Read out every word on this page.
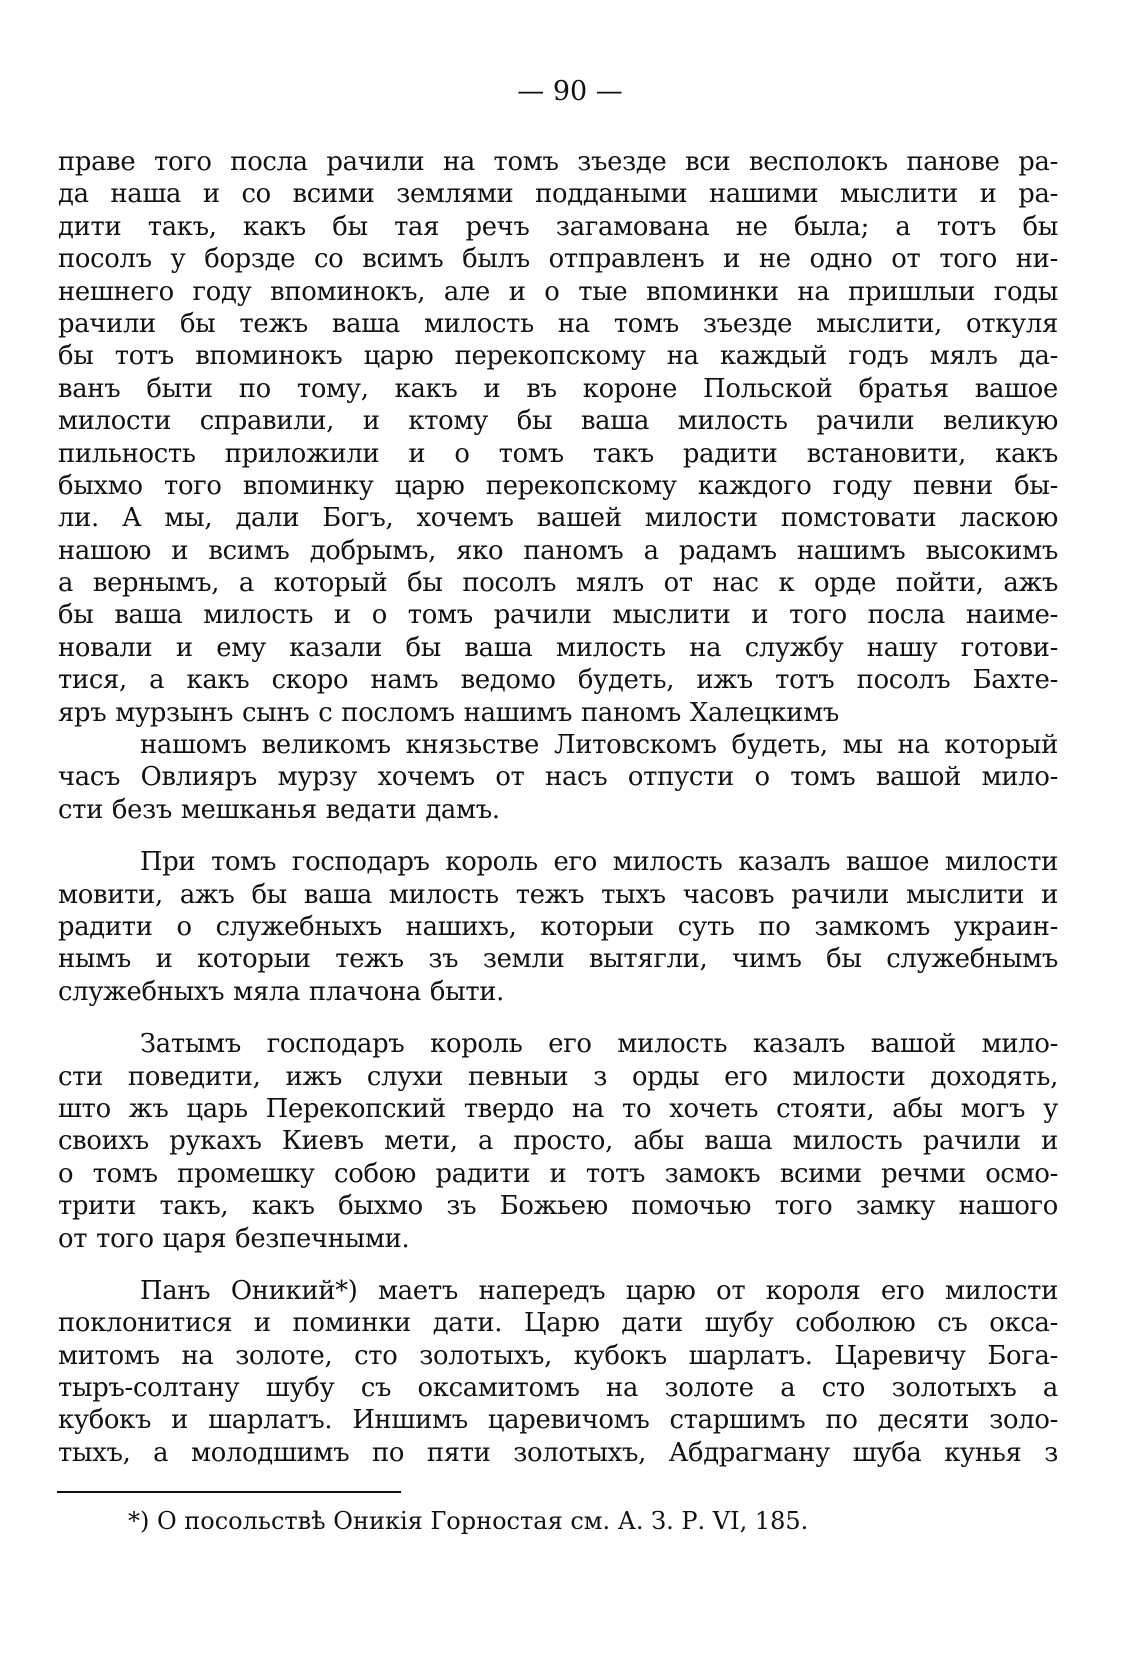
— 90 —
праве того посла рачили на томъ зъезде вси весполокъ панове ра-
да наша и со всими землями поддаными нашими мыслити и ра-
дити такъ, какъ бы тая речъ загамована не была; а тотъ бы
посолъ у борзде со всимъ былъ отправленъ и не одно от того ни-
нешнего году впоминокъ, але и о тые впоминки на пришлыи годы
рачили бы тежъ ваша милость на томъ зъезде мыслити, откуля
бы тотъ впоминокъ царю перекопскому на каждый годъ мялъ да-
ванъ быти по тому, какъ и въ короне Польской братья вашое
милости справили, и ктому бы ваша милость рачили великую
пильность приложили и о томъ такъ радити встановити, какъ
быхмо того впоминку царю перекопскому каждого году певни бы-
ли. А мы, дали Богъ, хочемъ вашей милости помстовати ласкою
нашою и всимъ добрымъ, яко паномъ а радамъ нашимъ высокимъ
а вернымъ, а который бы посолъ мялъ от нас к орде пойти, ажъ
бы ваша милость и о томъ рачили мыслити и того посла наиме-
новали и ему казали бы ваша милость на службу нашу готови-
тися, а какъ скоро намъ ведомо будеть, ижъ тотъ посолъ Бахте-
яръ мурзынъ сынъ с посломъ нашимъ паномъ Халецкимъ
нашомъ великомъ князьстве Литовскомъ будеть, мы на который
часъ Овлияръ мурзу хочемъ от насъ отпусти о томъ вашой мило-
сти безъ мешканья ведати дамъ.
При томъ господаръ король его милость казалъ вашое милости
мовити, ажъ бы ваша милость тежъ тыхъ часовъ рачили мыслити и
радити о служебныхъ нашихъ, которыи суть по замкомъ украин-
нымъ и которыи тежъ зъ земли вытягли, чимъ бы служебнымъ
служебныхъ мяла плачона быти.
Затымъ господаръ король его милость казалъ вашой мило-
сти поведити, ижъ слухи певныи з орды его милости доходять,
што жъ царь Перекопский твердо на то хочеть стояти, абы могъ у
своихъ рукахъ Киевъ мети, а просто, абы ваша милость рачили и
о томъ промешку собою радити и тотъ замокъ всими речми осмо-
трити такъ, какъ быхмо зъ Божьею помочью того замку нашого
от того царя безпечными.
Панъ Оникий*) маетъ напередъ царю от короля его милости
поклонитися и поминки дати. Царю дати шубу соболюю съ окса-
митомъ на золоте, сто золотыхъ, кубокъ шарлатъ. Царевичу Бога-
тыръ-солтану шубу съ оксамитомъ на золоте а сто золотыхъ а
кубокъ и шарлатъ. Иншимъ царевичомъ старшимъ по десяти золо-
тыхъ, а молодшимъ по пяти золотыхъ, Абдрагману шуба кунья з
*) О посольствѣ Оникія Горностая см. А. З. Р. VI, 185.
